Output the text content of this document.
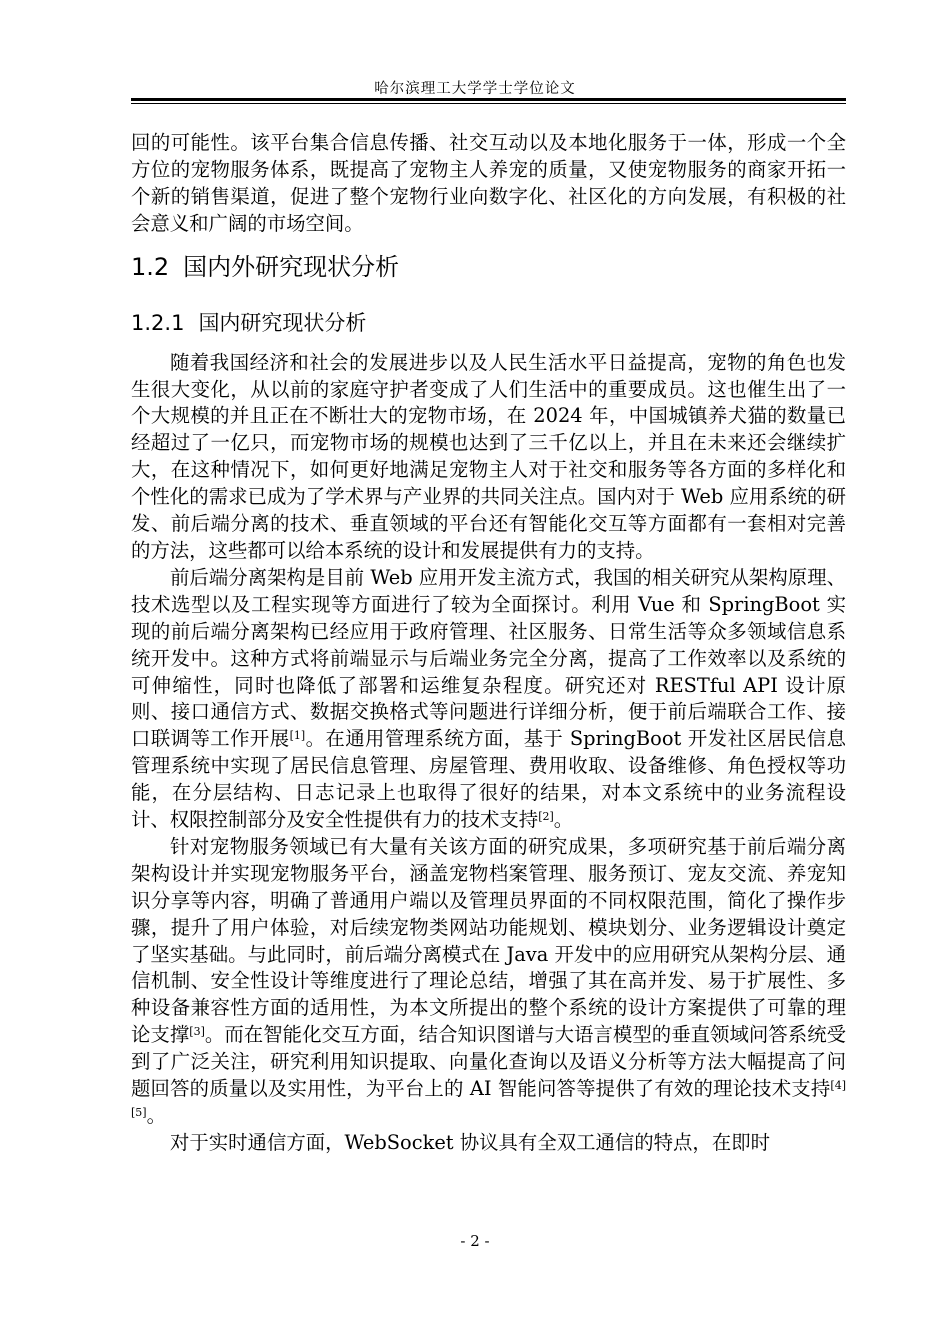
哈尔滨理工大学学士学位论文

回的可能性。该平台集合信息传播、社交互动以及本地化服务于一体，形成一个全方位的宠物服务体系，既提高了宠物主人养宠的质量，又使宠物服务的商家开拓一个新的销售渠道，促进了整个宠物行业向数字化、社区化的方向发展，有积极的社会意义和广阔的市场空间。

1.2 国内外研究现状分析
1.2.1 国内研究现状分析

随着我国经济和社会的发展进步以及人民生活水平日益提高，宠物的角色也发生很大变化，从以前的家庭守护者变成了人们生活中的重要成员。这也催生出了一个大规模的并且正在不断壮大的宠物市场，在 2024 年，中国城镇养犬猫的数量已经超过了一亿只，而宠物市场的规模也达到了三千亿以上，并且在未来还会继续扩大，在这种情况下，如何更好地满足宠物主人对于社交和服务等各方面的多样化和个性化的需求已成为了学术界与产业界的共同关注点。国内对于 Web 应用系统的研发、前后端分离的技术、垂直领域的平台还有智能化交互等方面都有一套相对完善的方法，这些都可以给本系统的设计和发展提供有力的支持。

前后端分离架构是目前 Web 应用开发主流方式，我国的相关研究从架构原理、技术选型以及工程实现等方面进行了较为全面探讨。利用 Vue 和 SpringBoot 实现的前后端分离架构已经应用于政府管理、社区服务、日常生活等众多领域信息系统开发中。这种方式将前端显示与后端业务完全分离，提高了工作效率以及系统的可伸缩性，同时也降低了部署和运维复杂程度。研究还对 RESTful API 设计原则、接口通信方式、数据交换格式等问题进行详细分析，便于前后端联合工作、接口联调等工作开展[1]。在通用管理系统方面，基于 SpringBoot 开发社区居民信息管理系统中实现了居民信息管理、房屋管理、费用收取、设备维修、角色授权等功能，在分层结构、日志记录上也取得了很好的结果，对本文系统中的业务流程设计、权限控制部分及安全性提供有力的技术支持[2]。

针对宠物服务领域已有大量有关该方面的研究成果，多项研究基于前后端分离架构设计并实现宠物服务平台，涵盖宠物档案管理、服务预订、宠友交流、养宠知识分享等内容，明确了普通用户端以及管理员界面的不同权限范围，简化了操作步骤，提升了用户体验，对后续宠物类网站功能规划、模块划分、业务逻辑设计奠定了坚实基础。与此同时，前后端分离模式在 Java 开发中的应用研究从架构分层、通信机制、安全性设计等维度进行了理论总结，增强了其在高并发、易于扩展性、多种设备兼容性方面的适用性，为本文所提出的整个系统的设计方案提供了可靠的理论支撑[3]。而在智能化交互方面，结合知识图谱与大语言模型的垂直领域问答系统受到了广泛关注，研究利用知识提取、向量化查询以及语义分析等方法大幅提高了问题回答的质量以及实用性，为平台上的 AI 智能问答等提供了有效的理论技术支持[4][5]。

对于实时通信方面，WebSocket 协议具有全双工通信的特点，在即时

- 2 -
